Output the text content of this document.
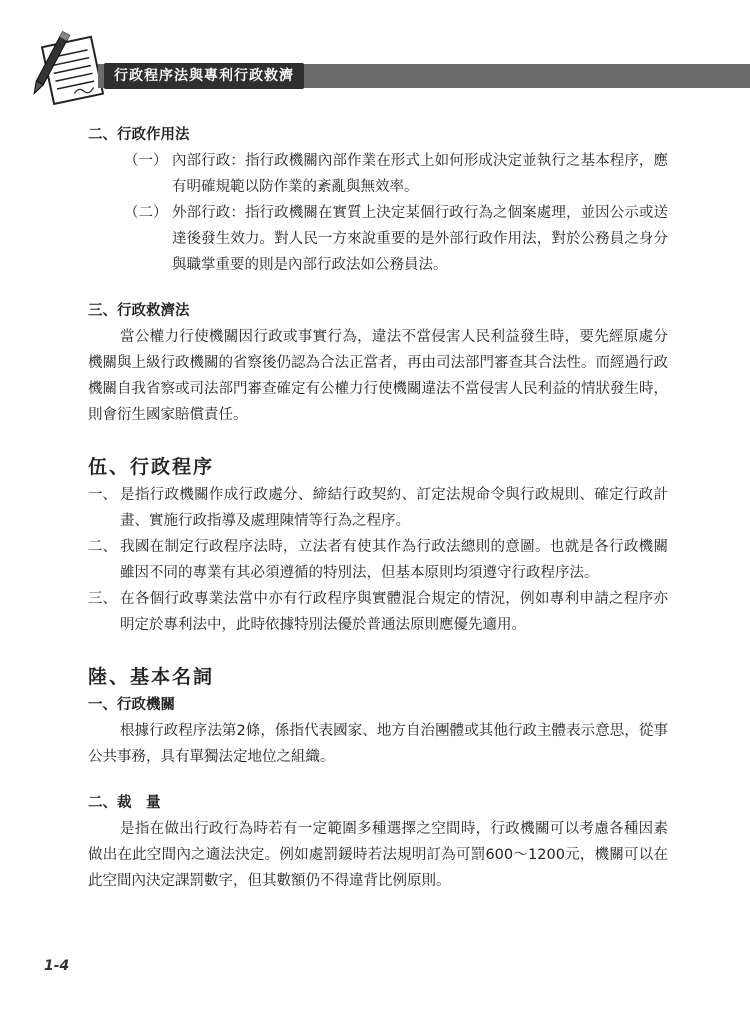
行政程序法與專利行政救濟

二、行政作用法

（一） 內部行政：指行政機關內部作業在形式上如何形成決定並執行之基本程序，應有明確規範以防作業的紊亂與無效率。
（二） 外部行政：指行政機關在實質上決定某個行政行為之個案處理，並因公示或送達後發生效力。對人民一方來說重要的是外部行政作用法，對於公務員之身分與職掌重要的則是內部行政法如公務員法。

三、行政救濟法

當公權力行使機關因行政或事實行為，違法不當侵害人民利益發生時，要先經原處分機關與上級行政機關的省察後仍認為合法正當者，再由司法部門審查其合法性。而經過行政機關自我省察或司法部門審查確定有公權力行使機關違法不當侵害人民利益的情狀發生時，則會衍生國家賠償責任。

伍、行政程序

一、 是指行政機關作成行政處分、締結行政契約、訂定法規命令與行政規則、確定行政計畫、實施行政指導及處理陳情等行為之程序。
二、 我國在制定行政程序法時，立法者有使其作為行政法總則的意圖。也就是各行政機關雖因不同的專業有其必須遵循的特別法，但基本原則均須遵守行政程序法。
三、 在各個行政專業法當中亦有行政程序與實體混合規定的情況，例如專利申請之程序亦明定於專利法中，此時依據特別法優於普通法原則應優先適用。

陸、基本名詞

一、行政機關

根據行政程序法第2條，係指代表國家、地方自治團體或其他行政主體表示意思，從事公共事務，具有單獨法定地位之組織。

二、裁　量

是指在做出行政行為時若有一定範圍多種選擇之空間時，行政機關可以考慮各種因素做出在此空間內之適法決定。例如處罰鍰時若法規明訂為可罰600～1200元，機關可以在此空間內決定課罰數字，但其數額仍不得違背比例原則。

1-4
